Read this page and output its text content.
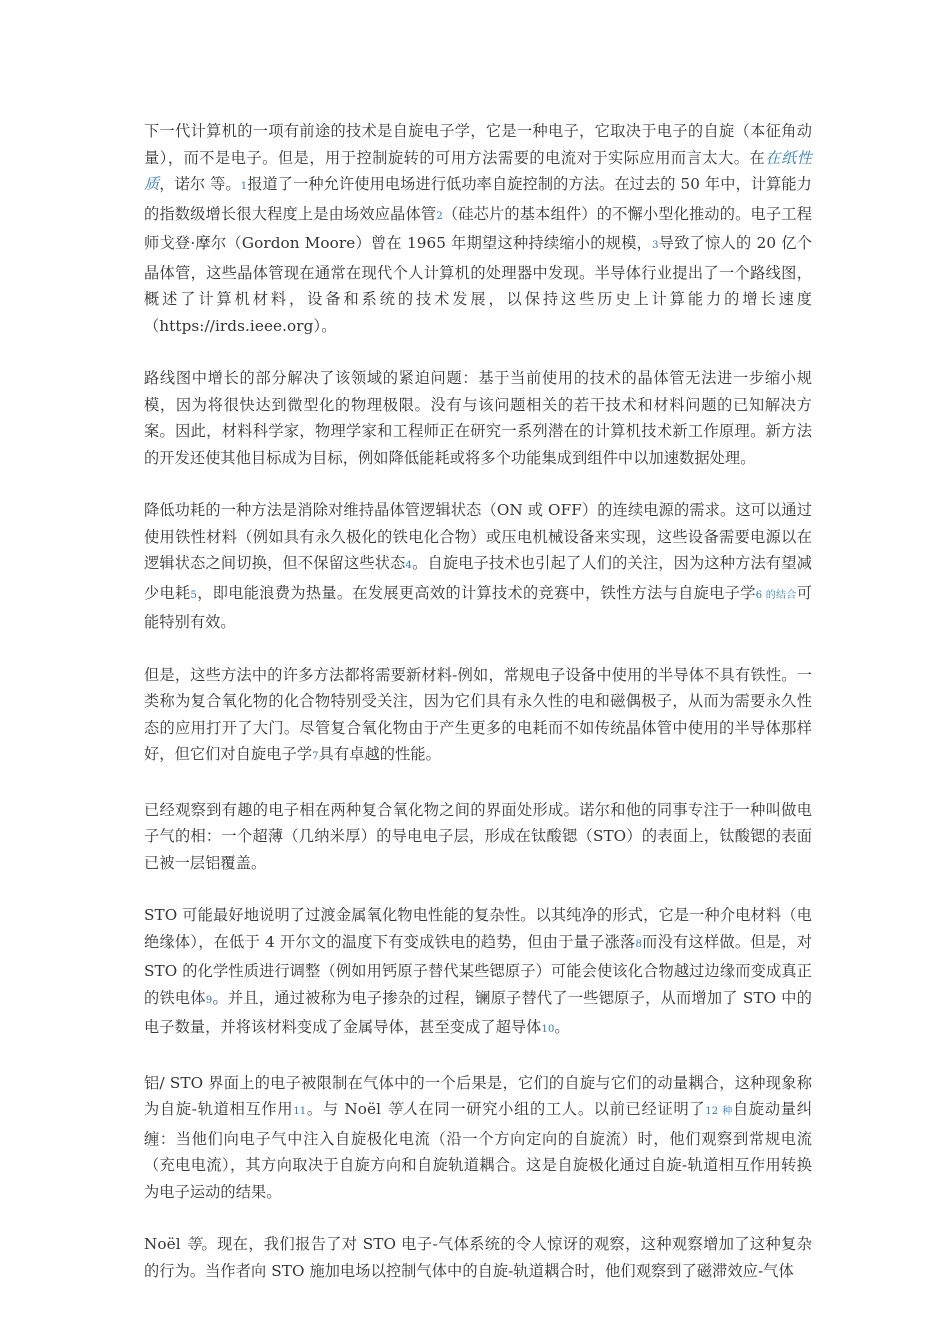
下一代计算机的一项有前途的技术是自旋电子学，它是一种电子，它取决于电子的自旋（本征角动量），而不是电子。但是，用于控制旋转的可用方法需要的电流对于实际应用而言太大。在在纸性质，诺尔 等。1报道了一种允许使用电场进行低功率自旋控制的方法。在过去的 50 年中，计算能力的指数级增长很大程度上是由场效应晶体管2（硅芯片的基本组件）的不懈小型化推动的。电子工程师戈登·摩尔（Gordon Moore）曾在 1965 年期望这种持续缩小的规模，3导致了惊人的 20 亿个晶体管，这些晶体管现在通常在现代个人计算机的处理器中发现。半导体行业提出了一个路线图，概述了计算机材料，设备和系统的技术发展，以保持这些历史上计算能力的增长速度（https://irds.ieee.org）。

路线图中增长的部分解决了该领域的紧迫问题：基于当前使用的技术的晶体管无法进一步缩小规模，因为将很快达到微型化的物理极限。没有与该问题相关的若干技术和材料问题的已知解决方案。因此，材料科学家，物理学家和工程师正在研究一系列潜在的计算机技术新工作原理。新方法的开发还使其他目标成为目标，例如降低能耗或将多个功能集成到组件中以加速数据处理。

降低功耗的一种方法是消除对维持晶体管逻辑状态（ON 或 OFF）的连续电源的需求。这可以通过使用铁性材料（例如具有永久极化的铁电化合物）或压电机械设备来实现，这些设备需要电源以在逻辑状态之间切换，但不保留这些状态4。自旋电子技术也引起了人们的关注，因为这种方法有望减少电耗5，即电能浪费为热量。在发展更高效的计算技术的竞赛中，铁性方法与自旋电子学6 的结合可能特别有效。

但是，这些方法中的许多方法都将需要新材料-例如，常规电子设备中使用的半导体不具有铁性。一类称为复合氧化物的化合物特别受关注，因为它们具有永久性的电和磁偶极子，从而为需要永久性态的应用打开了大门。尽管复合氧化物由于产生更多的电耗而不如传统晶体管中使用的半导体那样好，但它们对自旋电子学7具有卓越的性能。

已经观察到有趣的电子相在两种复合氧化物之间的界面处形成。诺尔和他的同事专注于一种叫做电子气的相：一个超薄（几纳米厚）的导电电子层，形成在钛酸锶（STO）的表面上，钛酸锶的表面已被一层铝覆盖。

STO 可能最好地说明了过渡金属氧化物电性能的复杂性。以其纯净的形式，它是一种介电材料（电绝缘体），在低于 4 开尔文的温度下有变成铁电的趋势，但由于量子涨落8而没有这样做。但是，对 STO 的化学性质进行调整（例如用钙原子替代某些锶原子）可能会使该化合物越过边缘而变成真正的铁电体9。并且，通过被称为电子掺杂的过程，镧原子替代了一些锶原子，从而增加了 STO 中的电子数量，并将该材料变成了金属导体，甚至变成了超导体10。

铝/ STO 界面上的电子被限制在气体中的一个后果是，它们的自旋与它们的动量耦合，这种现象称为自旋-轨道相互作用11。与 Noël 等人在同一研究小组的工人。以前已经证明了12 种自旋动量纠缠：当他们向电子气中注入自旋极化电流（沿一个方向定向的自旋流）时，他们观察到常规电流（充电电流），其方向取决于自旋方向和自旋轨道耦合。这是自旋极化通过自旋-轨道相互作用转换为电子运动的结果。

Noël 等。现在，我们报告了对 STO 电子-气体系统的令人惊讶的观察，这种观察增加了这种复杂的行为。当作者向 STO 施加电场以控制气体中的自旋-轨道耦合时，他们观察到了磁滞效应-气体
